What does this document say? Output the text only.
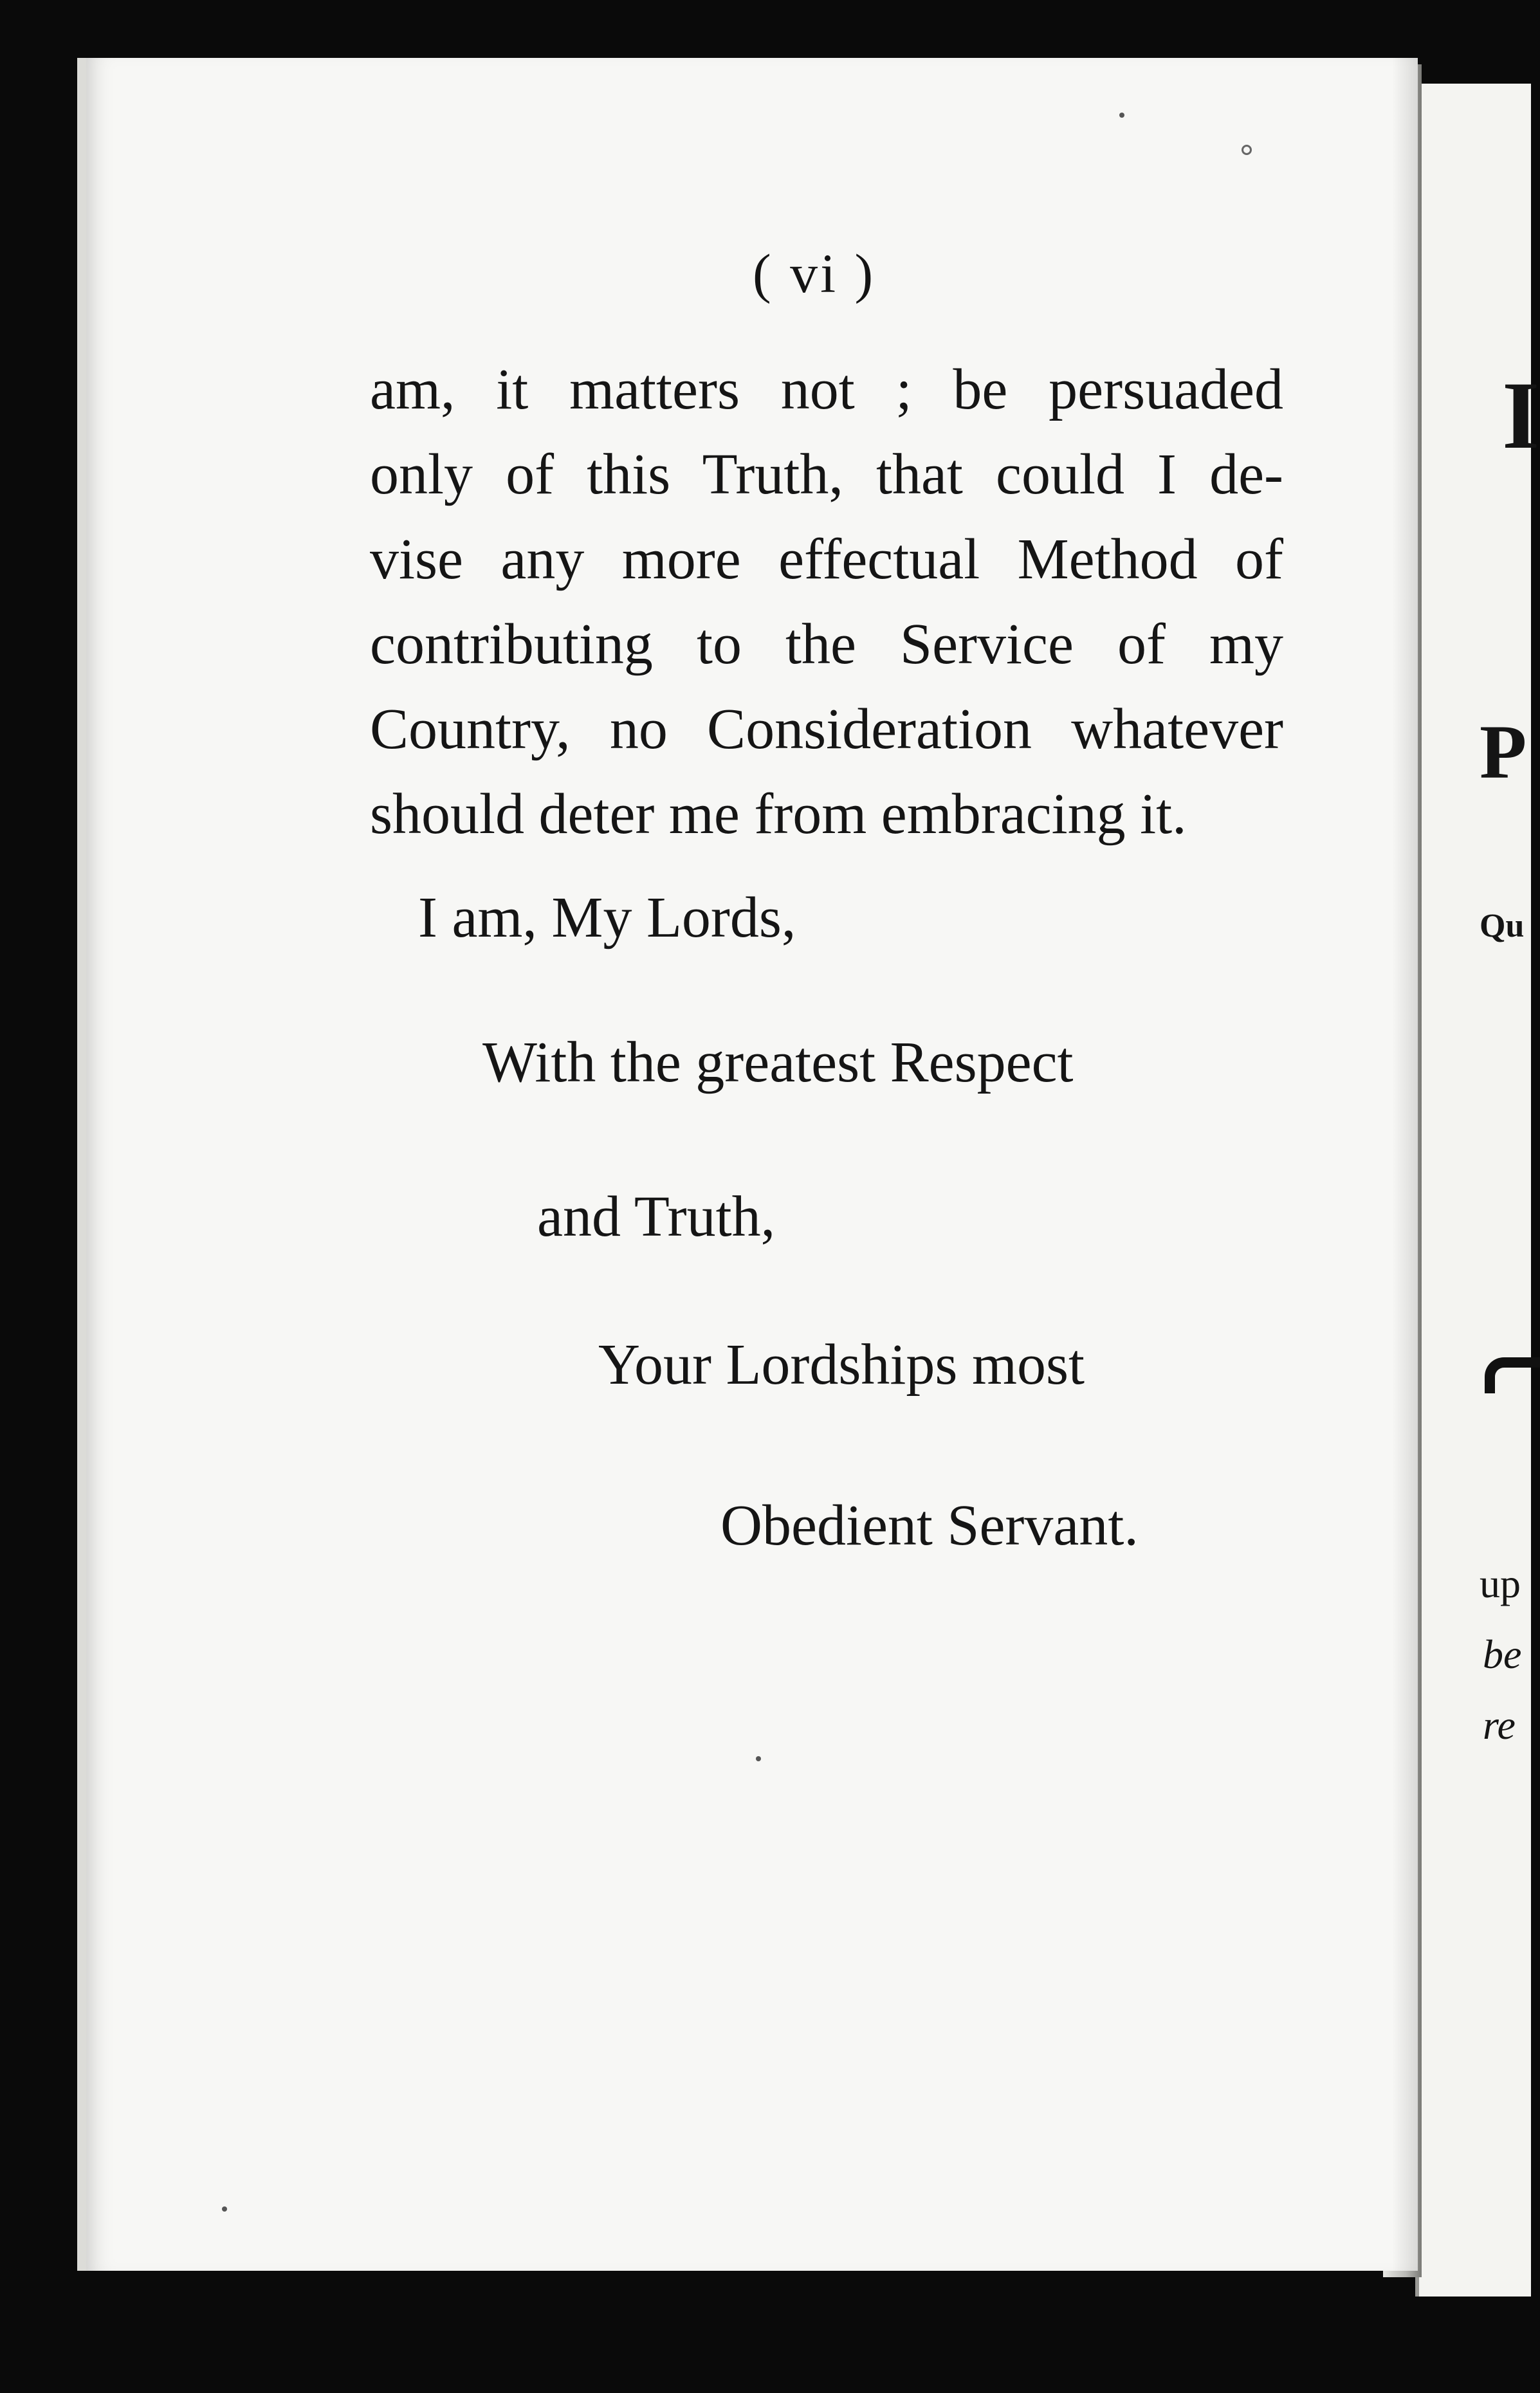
( vi )
am, it matters not ; be persuaded
only of this Truth, that could I de-
vise any more effectual Method of
contributing to the Service of my
Country, no Consideration whatever
should deter me from embracing it.
I am, My Lords,
With the greatest Respect
and Truth,
Your Lordships most
Obedient Servant.
I
P
Qu
up
be
re
